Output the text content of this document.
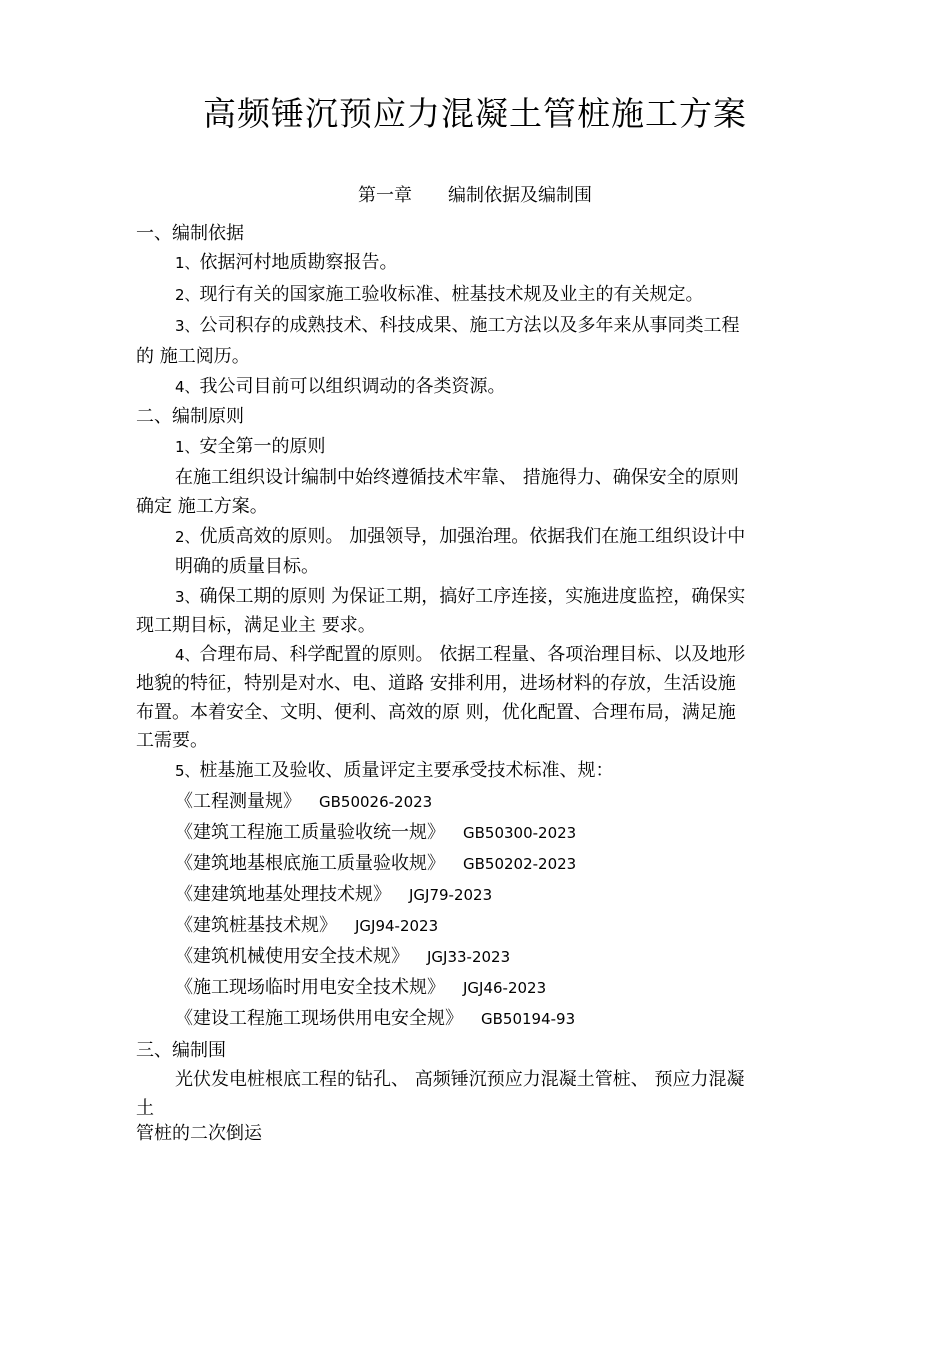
高频锤沉预应力混凝土管桩施工方案
第一章 编制依据及编制围
一、编制依据
1、依据河村地质勘察报告。
2、现行有关的国家施工验收标准、桩基技术规及业主的有关规定。
3、公司积存的成熟技术、科技成果、施工方法以及多年来从事同类工程
的 施工阅历。
4、我公司目前可以组织调动的各类资源。
二、编制原则
1、安全第一的原则
在施工组织设计编制中始终遵循技术牢靠、 措施得力、确保安全的原则
确定 施工方案。
2、优质高效的原则。 加强领导，加强治理。依据我们在施工组织设计中
明确的质量目标。
3、确保工期的原则 为保证工期，搞好工序连接，实施进度监控，确保实
现工期目标，满足业主 要求。
4、合理布局、科学配置的原则。 依据工程量、各项治理目标、以及地形
地貌的特征，特别是对水、电、道路 安排利用，进场材料的存放，生活设施
布置。本着安全、文明、便利、高效的原 则，优化配置、合理布局，满足施
工需要。
5、桩基施工及验收、质量评定主要承受技术标准、规：
《工程测量规》 GB50026-2023
《建筑工程施工质量验收统一规》 GB50300-2023
《建筑地基根底施工质量验收规》 GB50202-2023
《建建筑地基处理技术规》 JGJ79-2023
《建筑桩基技术规》 JGJ94-2023
《建筑机械使用安全技术规》 JGJ33-2023
《施工现场临时用电安全技术规》 JGJ46-2023
《建设工程施工现场供用电安全规》 GB50194-93
三、编制围
光伏发电桩根底工程的钻孔、 高频锤沉预应力混凝土管桩、 预应力混凝
土
管桩的二次倒运
